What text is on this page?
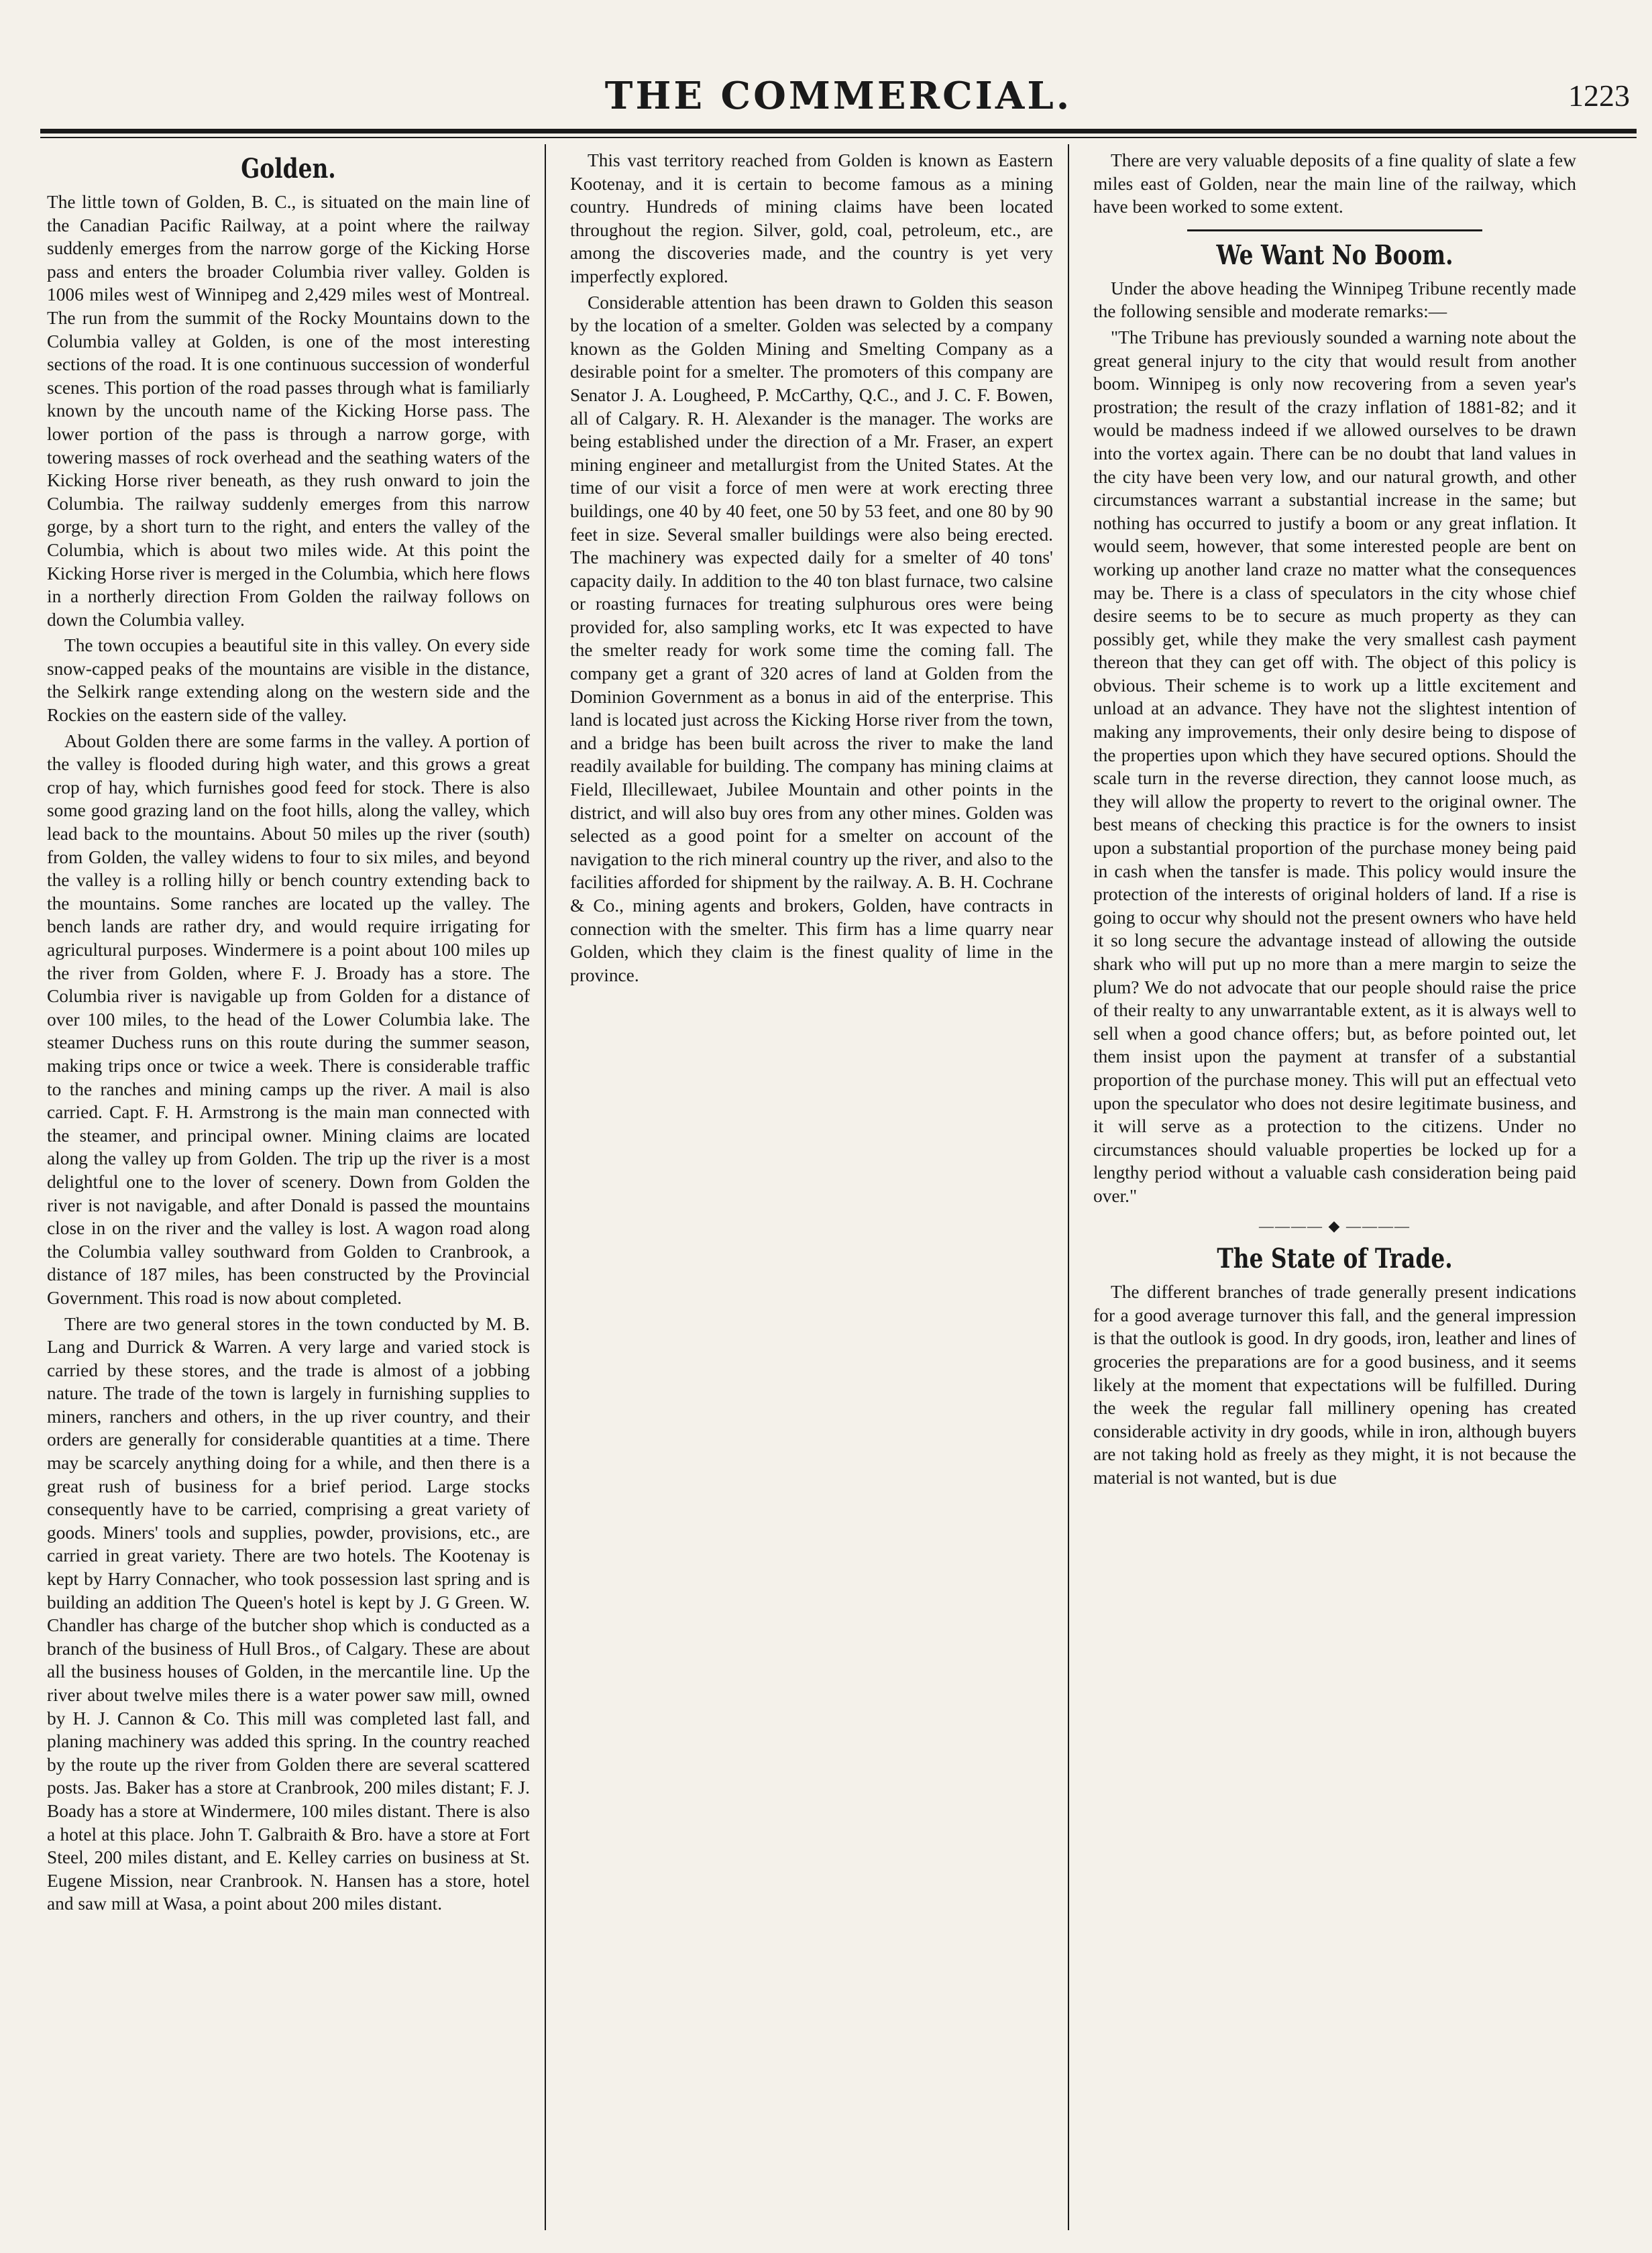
THE COMMERCIAL.	1223
Golden.

The little town of Golden, B. C., is situated on the main line of the Canadian Pacific Railway, at a point where the railway suddenly emerges from the narrow gorge of the Kicking Horse pass and enters the broader Columbia river valley. Golden is 1006 miles west of Winnipeg and 2,429 miles west of Montreal. The run from the summit of the Rocky Mountains down to the Columbia valley at Golden, is one of the most interesting sections of the road. It is one continuous succession of wonderful scenes. This portion of the road passes through what is familiarly known by the uncouth name of the Kicking Horse pass. The lower portion of the pass is through a narrow gorge, with towering masses of rock overhead and the seathing waters of the Kicking Horse river beneath, as they rush onward to join the Columbia. The railway suddenly emerges from this narrow gorge, by a short turn to the right, and enters the valley of the Columbia, which is about two miles wide. At this point the Kicking Horse river is merged in the Columbia, which here flows in a northerly direction From Golden the railway follows on down the Columbia valley.

The town occupies a beautiful site in this valley. On every side snow-capped peaks of the mountains are visible in the distance, the Selkirk range extending along on the western side and the Rockies on the eastern side of the valley.

About Golden there are some farms in the valley. A portion of the valley is flooded during high water, and this grows a great crop of hay, which furnishes good feed for stock. There is also some good grazing land on the foot hills, along the valley, which lead back to the mountains. About 50 miles up the river (south) from Golden, the valley widens to four to six miles, and beyond the valley is a rolling hilly or bench country extending back to the mountains. Some ranches are located up the valley. The bench lands are rather dry, and would require irrigating for agricultural purposes. Windermere is a point about 100 miles up the river from Golden, where F. J. Broady has a store. The Columbia river is navigable up from Golden for a distance of over 100 miles, to the head of the Lower Columbia lake. The steamer Duchess runs on this route during the summer season, making trips once or twice a week. There is considerable traffic to the ranches and mining camps up the river. A mail is also carried. Capt. F. H. Armstrong is the main man connected with the steamer, and principal owner. Mining claims are located along the valley up from Golden. The trip up the river is a most delightful one to the lover of scenery. Down from Golden the river is not navigable, and after Donald is passed the mountains close in on the river and the valley is lost. A wagon road along the Columbia valley southward from Golden to Cranbrook, a distance of 187 miles, has been constructed by the Provincial Government. This road is now about completed.

There are two general stores in the town conducted by M. B. Lang and Durrick & Warren. A very large and varied stock is carried by these stores, and the trade is almost of a jobbing nature. The trade of the town is largely in furnishing supplies to miners, ranchers and others, in the up river country, and their orders are generally for considerable quantities at a time. There may be scarcely anything doing for a while, and then there is a great rush of business for a brief period. Large stocks consequently have to be carried, comprising a great variety of goods. Miners' tools and supplies, powder, provisions, etc., are carried in great variety. There are two hotels. The Kootenay is kept by Harry Connacher, who took possession last spring and is building an addition The Queen's hotel is kept by J. G Green. W. Chandler has charge of the butcher shop which is conducted as a branch of the business of Hull Bros., of Calgary. These are about all the business houses of Golden, in the mercantile line. Up the river about twelve miles there is a water power saw mill, owned by H. J. Cannon & Co. This mill was completed last fall, and planing machinery was added this spring. In the country reached by the route up the river from Golden there are several scattered posts. Jas. Baker has a store at Cranbrook, 200 miles distant; F. J. Boady has a store at Windermere, 100 miles distant. There is also a hotel at this place. John T. Galbraith & Bro. have a store at Fort Steel, 200 miles distant, and E. Kelley carries on business at St. Eugene Mission, near Cranbrook. N. Hansen has a store, hotel and saw mill at Wasa, a point about 200 miles distant.

This vast territory reached from Golden is known as Eastern Kootenay, and it is certain to become famous as a mining country. Hundreds of mining claims have been located throughout the region. Silver, gold, coal, petroleum, etc., are among the discoveries made, and the country is yet very imperfectly explored.

Considerable attention has been drawn to Golden this season by the location of a smelter. Golden was selected by a company known as the Golden Mining and Smelting Company as a desirable point for a smelter. The promoters of this company are Senator J. A. Lougheed, P. McCarthy, Q.C., and J. C. F. Bowen, all of Calgary. R. H. Alexander is the manager. The works are being established under the direction of a Mr. Fraser, an expert mining engineer and metallurgist from the United States. At the time of our visit a force of men were at work erecting three buildings, one 40 by 40 feet, one 50 by 53 feet, and one 80 by 90 feet in size. Several smaller buildings were also being erected. The machinery was expected daily for a smelter of 40 tons' capacity daily. In addition to the 40 ton blast furnace, two calsine or roasting furnaces for treating sulphurous ores were being provided for, also sampling works, etc It was expected to have the smelter ready for work some time the coming fall. The company get a grant of 320 acres of land at Golden from the Dominion Government as a bonus in aid of the enterprise. This land is located just across the Kicking Horse river from the town, and a bridge has been built across the river to make the land readily available for building. The company has mining claims at Field, Illecillewaet, Jubilee Mountain and other points in the district, and will also buy ores from any other mines. Golden was selected as a good point for a smelter on account of the navigation to the rich mineral country up the river, and also to the facilities afforded for shipment by the railway. A. B. H. Cochrane & Co., mining agents and brokers, Golden, have contracts in connection with the smelter. This firm has a lime quarry near Golden, which they claim is the finest quality of lime in the province.

There are very valuable deposits of a fine quality of slate a few miles east of Golden, near the main line of the railway, which have been worked to some extent.

We Want No Boom.

Under the above heading the Winnipeg Tribune recently made the following sensible and moderate remarks:—

"The Tribune has previously sounded a warning note about the great general injury to the city that would result from another boom. Winnipeg is only now recovering from a seven year's prostration; the result of the crazy inflation of 1881-82; and it would be madness indeed if we allowed ourselves to be drawn into the vortex again. There can be no doubt that land values in the city have been very low, and our natural growth, and other circumstances warrant a substantial increase in the same; but nothing has occurred to justify a boom or any great inflation. It would seem, however, that some interested people are bent on working up another land craze no matter what the consequences may be. There is a class of speculators in the city whose chief desire seems to be to secure as much property as they can possibly get, while they make the very smallest cash payment thereon that they can get off with. The object of this policy is obvious. Their scheme is to work up a little excitement and unload at an advance. They have not the slightest intention of making any improvements, their only desire being to dispose of the properties upon which they have secured options. Should the scale turn in the reverse direction, they cannot loose much, as they will allow the property to revert to the original owner. The best means of checking this practice is for the owners to insist upon a substantial proportion of the purchase money being paid in cash when the tansfer is made. This policy would insure the protection of the interests of original holders of land. If a rise is going to occur why should not the present owners who have held it so long secure the advantage instead of allowing the outside shark who will put up no more than a mere margin to seize the plum? We do not advocate that our people should raise the price of their realty to any unwarrantable extent, as it is always well to sell when a good chance offers; but, as before pointed out, let them insist upon the payment at transfer of a substantial proportion of the purchase money. This will put an effectual veto upon the speculator who does not desire legitimate business, and it will serve as a protection to the citizens. Under no circumstances should valuable properties be locked up for a lengthy period without a valuable cash consideration being paid over."

———— ◆ ————
The State of Trade.

The different branches of trade generally present indications for a good average turnover this fall, and the general impression is that the outlook is good. In dry goods, iron, leather and lines of groceries the preparations are for a good business, and it seems likely at the moment that expectations will be fulfilled. During the week the regular fall millinery opening has created considerable activity in dry goods, while in iron, although buyers are not taking hold as freely as they might, it is not because the material is not wanted, but is due
